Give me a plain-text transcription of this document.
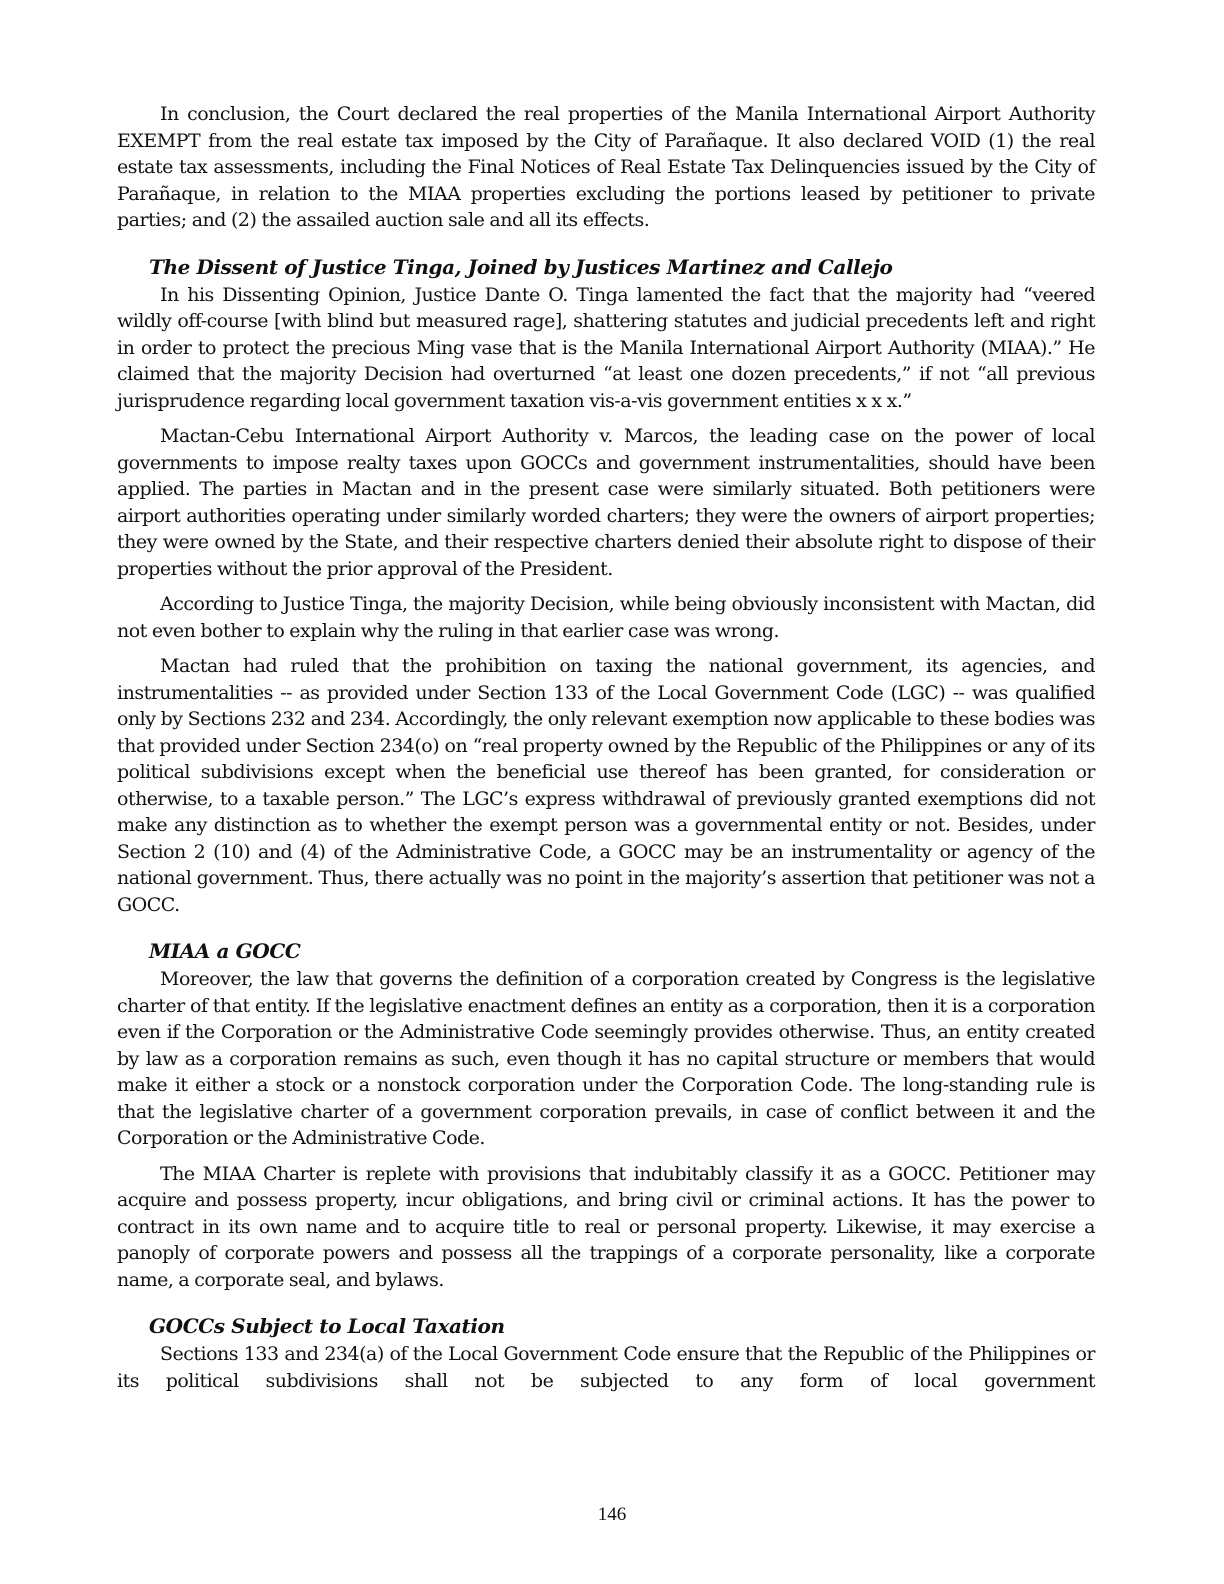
In conclusion, the Court declared the real properties of the Manila International Airport Authority EXEMPT from the real estate tax imposed by the City of Parañaque. It also declared VOID (1) the real estate tax assessments, including the Final Notices of Real Estate Tax Delinquencies issued by the City of Parañaque, in relation to the MIAA properties excluding the portions leased by petitioner to private parties; and (2) the assailed auction sale and all its effects.

The Dissent of Justice Tinga, Joined by Justices Martinez and Callejo

In his Dissenting Opinion, Justice Dante O. Tinga lamented the fact that the majority had “veered wildly off-course [with blind but measured rage], shattering statutes and judicial precedents left and right in order to protect the precious Ming vase that is the Manila International Airport Authority (MIAA).” He claimed that the majority Decision had overturned “at least one dozen precedents,” if not “all previous jurisprudence regarding local government taxation vis-a-vis government entities x x x.”

Mactan-Cebu International Airport Authority v. Marcos, the leading case on the power of local governments to impose realty taxes upon GOCCs and government instrumentalities, should have been applied. The parties in Mactan and in the present case were similarly situated. Both petitioners were airport authorities operating under similarly worded charters; they were the owners of airport properties; they were owned by the State, and their respective charters denied their absolute right to dispose of their properties without the prior approval of the President.

According to Justice Tinga, the majority Decision, while being obviously inconsistent with Mactan, did not even bother to explain why the ruling in that earlier case was wrong.

Mactan had ruled that the prohibition on taxing the national government, its agencies, and instrumentalities -- as provided under Section 133 of the Local Government Code (LGC) -- was qualified only by Sections 232 and 234. Accordingly, the only relevant exemption now applicable to these bodies was that provided under Section 234(o) on “real property owned by the Republic of the Philippines or any of its political subdivisions except when the beneficial use thereof has been granted, for consideration or otherwise, to a taxable person.” The LGC’s express withdrawal of previously granted exemptions did not make any distinction as to whether the exempt person was a governmental entity or not. Besides, under Section 2 (10) and (4) of the Administrative Code, a GOCC may be an instrumentality or agency of the national government. Thus, there actually was no point in the majority’s assertion that petitioner was not a GOCC.

MIAA a GOCC

Moreover, the law that governs the definition of a corporation created by Congress is the legislative charter of that entity. If the legislative enactment defines an entity as a corporation, then it is a corporation even if the Corporation or the Administrative Code seemingly provides otherwise. Thus, an entity created by law as a corporation remains as such, even though it has no capital structure or members that would make it either a stock or a nonstock corporation under the Corporation Code. The long-standing rule is that the legislative charter of a government corporation prevails, in case of conflict between it and the Corporation or the Administrative Code.

The MIAA Charter is replete with provisions that indubitably classify it as a GOCC. Petitioner may acquire and possess property, incur obligations, and bring civil or criminal actions. It has the power to contract in its own name and to acquire title to real or personal property. Likewise, it may exercise a panoply of corporate powers and possess all the trappings of a corporate personality, like a corporate name, a corporate seal, and bylaws.

GOCCs Subject to Local Taxation

Sections 133 and 234(a) of the Local Government Code ensure that the Republic of the Philippines or its political subdivisions shall not be subjected to any form of local government

146
